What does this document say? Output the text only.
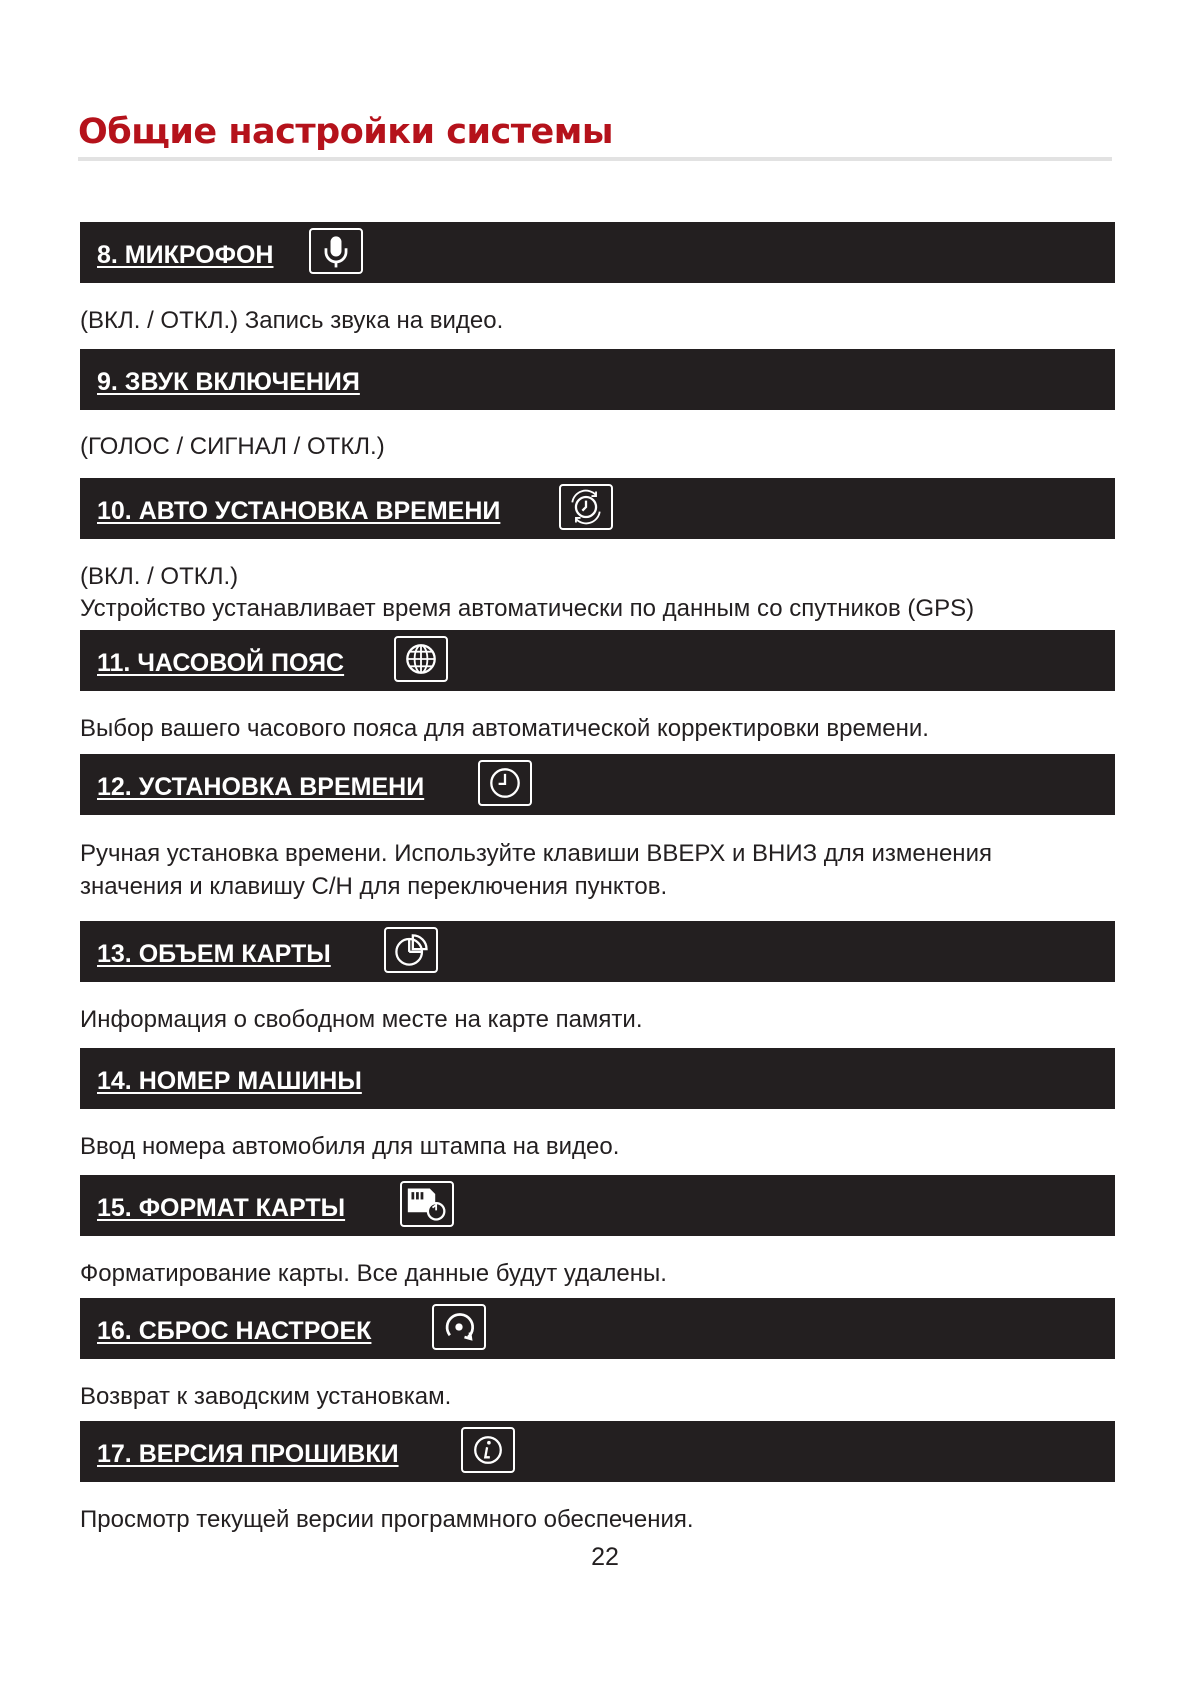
Общие настройки системы
8. МИКРОФОН
(ВКЛ. / ОТКЛ.) Запись звука на видео.
9. ЗВУК ВКЛЮЧЕНИЯ
(ГОЛОС / СИГНАЛ / ОТКЛ.)
10. АВТО УСТАНОВКА ВРЕМЕНИ
(ВКЛ. / ОТКЛ.)
Устройство устанавливает время автоматически по данным со спутников (GPS)
11. ЧАСОВОЙ ПОЯС
Выбор вашего часового пояса для автоматической корректировки времени.
12. УСТАНОВКА ВРЕМЕНИ
Ручная установка времени. Используйте клавиши ВВЕРХ и ВНИЗ для изменения
значения и клавишу С/Н для переключения пунктов.
13. ОБЪЕМ КАРТЫ
Информация о свободном месте на карте памяти.
14. НОМЕР МАШИНЫ
Ввод номера автомобиля для штампа на видео.
15. ФОРМАТ КАРТЫ
Форматирование карты. Все данные будут удалены.
16. СБРОС НАСТРОЕК
Возврат к заводским установкам.
17. ВЕРСИЯ ПРОШИВКИ
Просмотр текущей версии программного обеспечения.
22
